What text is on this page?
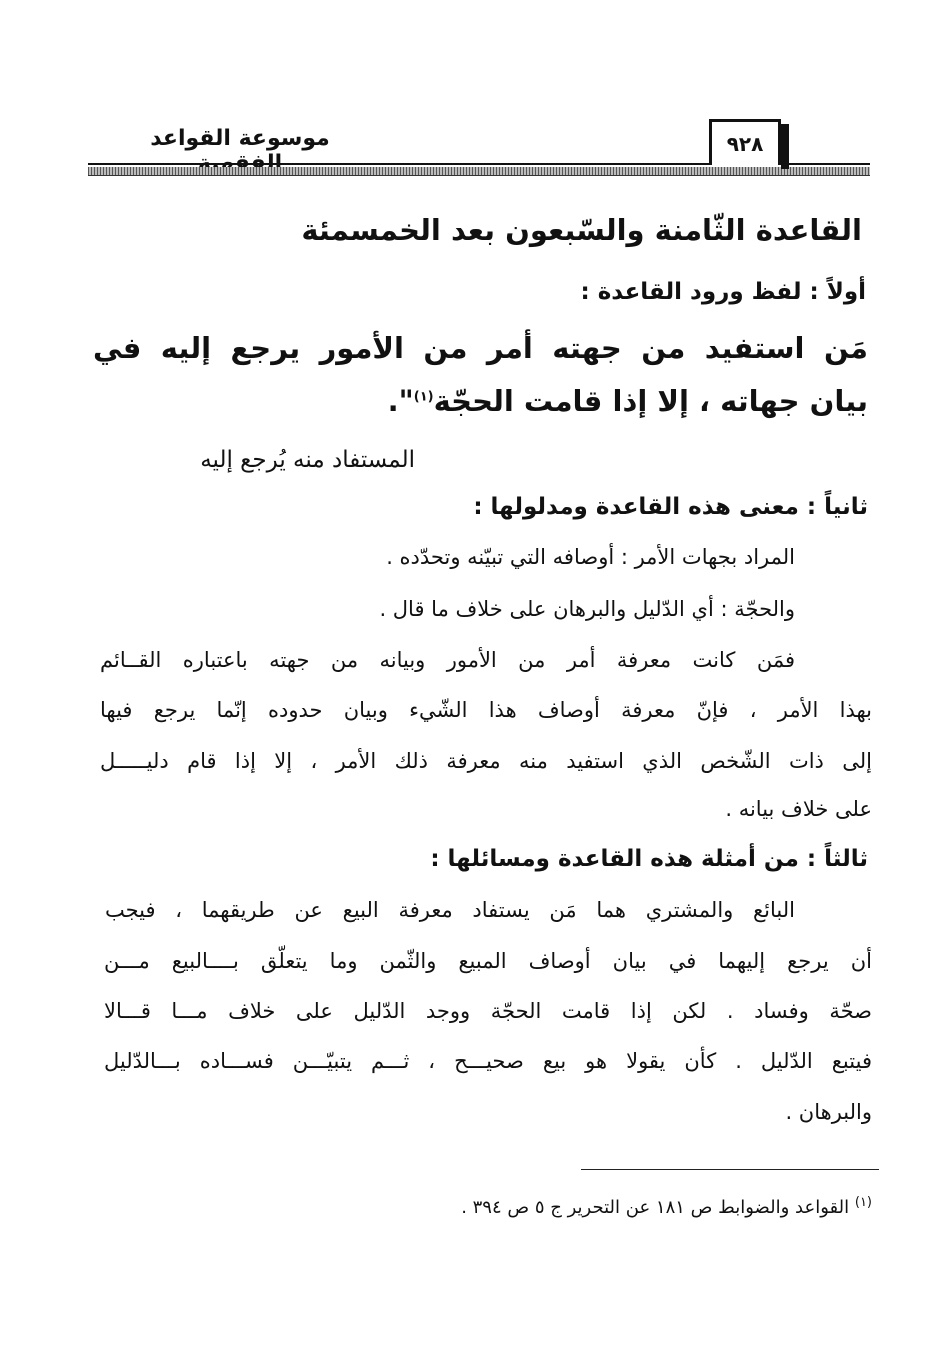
موسوعة القواعد	٩٢٨
القاعدة الثّامنة والسّبعون بعد الخمسمئة
أولاً : لفظ ورود القاعدة :
مَن استفيد من جهته أمر من الأمور يرجع إليه في
بيان جهاته ، إلا إذا قامت الحجّة$^{(١)}$".
المستفاد منه يُرجع إليه
ثانياً : معنى هذه القاعدة ومدلولها :
المراد بجهات الأمر : أوصافه التي تبيّنه وتحدّده .
والحجّة : أي الدّليل والبرهان على خلاف ما قال .
فمَن كانت معرفة أمر من الأمور وبيانه من جهته باعتباره القــائم
بهذا الأمر ، فإنّ معرفة أوصاف هذا الشّيء وبيان حدوده إنّما يرجع فيها
إلى ذات الشّخص الذي استفيد منه معرفة ذلك الأمر ، إلا إذا قام دليـــــل
على خلاف بيانه .
ثالثاً : من أمثلة هذه القاعدة ومسائلها :
البائع والمشتري هما مَن يستفاد معرفة البيع عن طريقهما ، فيجب
أن يرجع إليهما في بيان أوصاف المبيع والثّمن وما يتعلّق بــــالبيع مـــن
صحّة وفساد . لكن إذا قامت الحجّة ووجد الدّليل على خلاف مـــا قـــالا
فيتبع الدّليل . كأن يقولا هو بيع صحيـــح ، ثـــم يتبيّـــن فســـاده بـــالدّليل
والبرهان .
$^{(١)}$ القواعد والضوابط ص ١٨١ عن التحرير ج ٥ ص ٣٩٤ .
